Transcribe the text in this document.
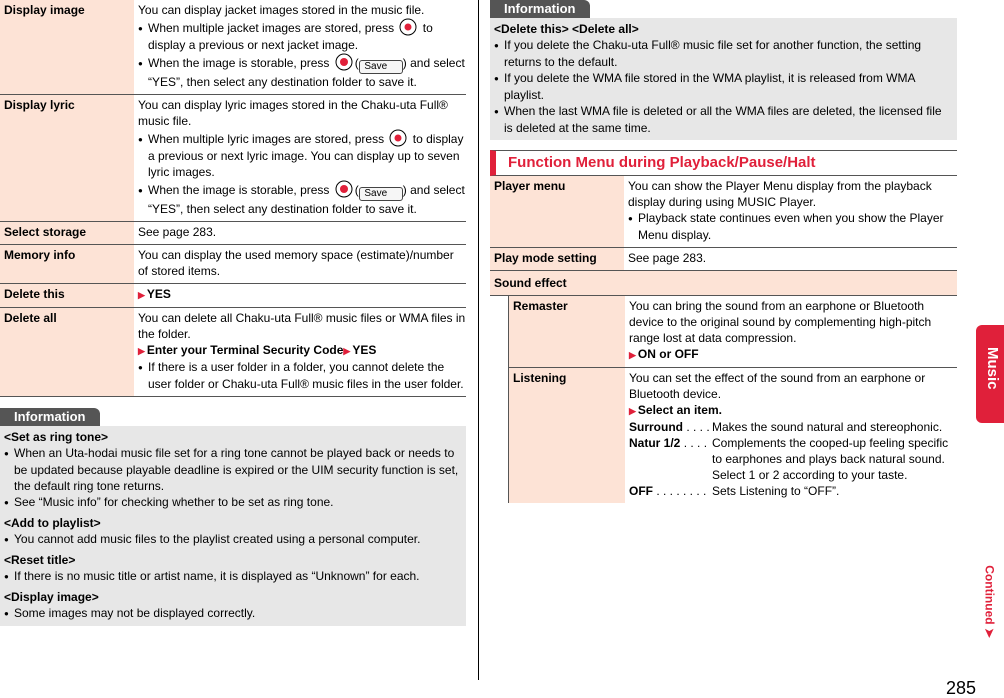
Display image	You can display jacket images stored in the music file.
● When multiple jacket images are stored, press  to display a previous or next jacket image.
● When the image is storable, press ( Save ) and select “YES”, then select any destination folder to save it.
Display lyric	You can display lyric images stored in the Chaku-uta Full® music file.
● When multiple lyric images are stored, press  to display a previous or next lyric image. You can display up to seven lyric images.
● When the image is storable, press ( Save ) and select “YES”, then select any destination folder to save it.
Select storage	See page 283.
Memory info	You can display the used memory space (estimate)/number of stored items.
Delete this	▶ YES
Delete all	You can delete all Chaku-uta Full® music files or WMA files in the folder.
▶ Enter your Terminal Security Code ▶ YES
● If there is a user folder in a folder, you cannot delete the user folder or Chaku-uta Full® music files in the user folder.
Information
<Set as ring tone>
● When an Uta-hodai music file set for a ring tone cannot be played back or needs to be updated because playable deadline is expired or the UIM security function is set, the default ring tone returns.
● See “Music info” for checking whether to be set as ring tone.
<Add to playlist>
● You cannot add music files to the playlist created using a personal computer.
<Reset title>
● If there is no music title or artist name, it is displayed as “Unknown” for each.
<Display image>
● Some images may not be displayed correctly.
Information
<Delete this> <Delete all>
● If you delete the Chaku-uta Full® music file set for another function, the setting returns to the default.
● If you delete the WMA file stored in the WMA playlist, it is released from WMA playlist.
● When the last WMA file is deleted or all the WMA files are deleted, the licensed file is deleted at the same time.
Function Menu during Playback/Pause/Halt
Player menu	You can show the Player Menu display from the playback display during using MUSIC Player.
● Playback state continues even when you show the Player Menu display.
Play mode setting	See page 283.
Sound effect
Remaster	You can bring the sound from an earphone or Bluetooth device to the original sound by complementing high-pitch range lost at data compression.
▶ ON or OFF
Listening	You can set the effect of the sound from an earphone or Bluetooth device.
▶ Select an item.
Surround . . . . Makes the sound natural and stereophonic.
Natur 1/2 . . . . Complements the cooped-up feeling specific to earphones and plays back natural sound. Select 1 or 2 according to your taste.
OFF . . . . . . . . Sets Listening to “OFF”.
Music
Continued ➤
285
